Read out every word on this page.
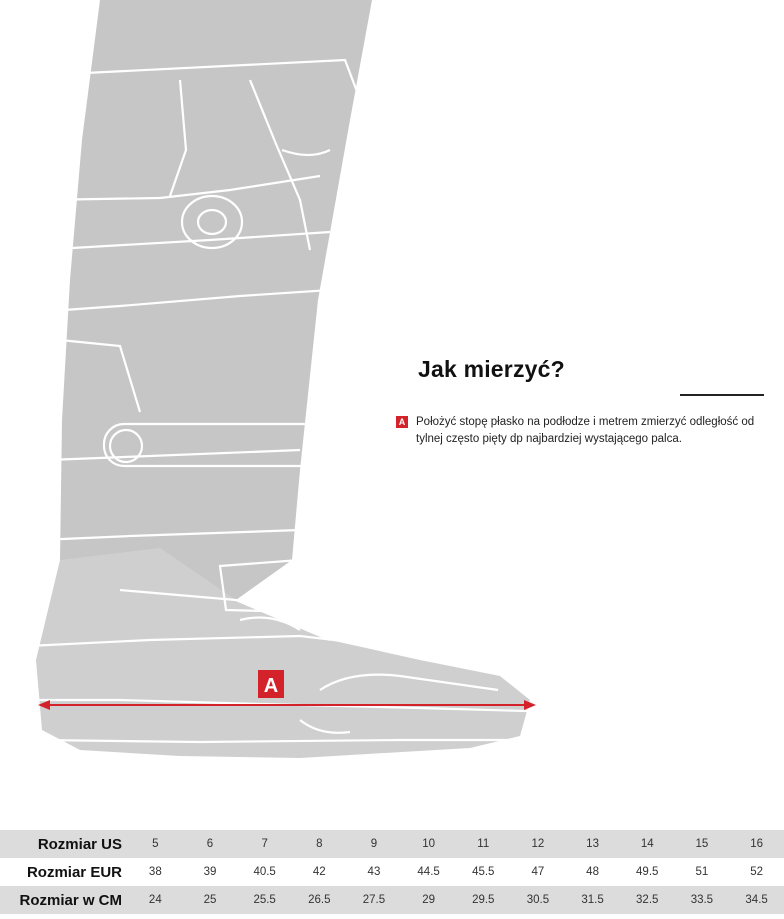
A
Jak mierzyć?
A Położyć stopę płasko na podłodze i metrem zmierzyć odległość od tylnej często pięty dp najbardziej wystającego palca.

Rozmiar US	5	6	7	8	9	10	11	12	13	14	15	16
Rozmiar EUR	38	39	40.5	42	43	44.5	45.5	47	48	49.5	51	52
Rozmiar w CM	24	25	25.5	26.5	27.5	29	29.5	30.5	31.5	32.5	33.5	34.5
